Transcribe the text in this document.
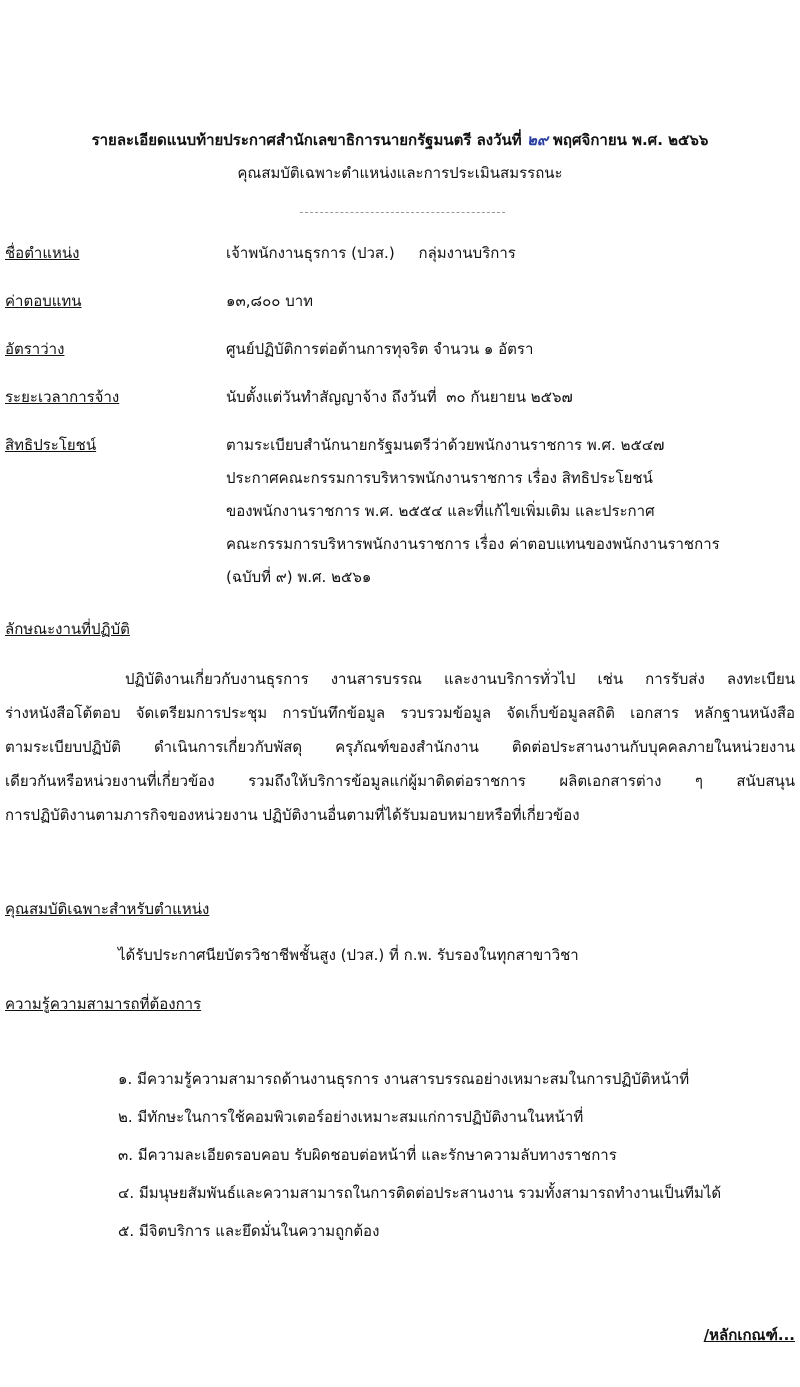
รายละเอียดแนบท้ายประกาศสำนักเลขาธิการนายกรัฐมนตรี ลงวันที่ ๒๙ พฤศจิกายน พ.ศ. ๒๕๖๖
คุณสมบัติเฉพาะตำแหน่งและการประเมินสมรรถนะ
ชื่อตำแหน่ง	เจ้าพนักงานธุรการ (ปวส.)     กลุ่มงานบริการ
ค่าตอบแทน	๑๓,๘๐๐ บาท
อัตราว่าง	ศูนย์ปฏิบัติการต่อต้านการทุจริต จำนวน ๑ อัตรา
ระยะเวลาการจ้าง	นับตั้งแต่วันทำสัญญาจ้าง ถึงวันที่  ๓๐ กันยายน ๒๕๖๗
สิทธิประโยชน์	ตามระเบียบสำนักนายกรัฐมนตรีว่าด้วยพนักงานราชการ พ.ศ. ๒๕๔๗
ประกาศคณะกรรมการบริหารพนักงานราชการ เรื่อง สิทธิประโยชน์
ของพนักงานราชการ พ.ศ. ๒๕๕๔ และที่แก้ไขเพิ่มเติม และประกาศ
คณะกรรมการบริหารพนักงานราชการ เรื่อง ค่าตอบแทนของพนักงานราชการ
(ฉบับที่ ๙) พ.ศ. ๒๕๖๑
ลักษณะงานที่ปฏิบัติ
ปฏิบัติงานเกี่ยวกับงานธุรการ งานสารบรรณ และงานบริการทั่วไป เช่น การรับส่ง ลงทะเบียน
ร่างหนังสือโต้ตอบ จัดเตรียมการประชุม การบันทึกข้อมูล รวบรวมข้อมูล จัดเก็บข้อมูลสถิติ เอกสาร หลักฐานหนังสือ
ตามระเบียบปฏิบัติ ดำเนินการเกี่ยวกับพัสดุ ครุภัณฑ์ของสำนักงาน ติดต่อประสานงานกับบุคคลภายในหน่วยงาน
เดียวกันหรือหน่วยงานที่เกี่ยวข้อง รวมถึงให้บริการข้อมูลแก่ผู้มาติดต่อราชการ ผลิตเอกสารต่าง ๆ สนับสนุน
การปฏิบัติงานตามภารกิจของหน่วยงาน ปฏิบัติงานอื่นตามที่ได้รับมอบหมายหรือที่เกี่ยวข้อง
คุณสมบัติเฉพาะสำหรับตำแหน่ง
ได้รับประกาศนียบัตรวิชาชีพชั้นสูง (ปวส.) ที่ ก.พ. รับรองในทุกสาขาวิชา
ความรู้ความสามารถที่ต้องการ
๑. มีความรู้ความสามารถด้านงานธุรการ งานสารบรรณอย่างเหมาะสมในการปฏิบัติหน้าที่
๒. มีทักษะในการใช้คอมพิวเตอร์อย่างเหมาะสมแก่การปฏิบัติงานในหน้าที่
๓. มีความละเอียดรอบคอบ รับผิดชอบต่อหน้าที่ และรักษาความลับทางราชการ
๔. มีมนุษยสัมพันธ์และความสามารถในการติดต่อประสานงาน รวมทั้งสามารถทำงานเป็นทีมได้
๕. มีจิตบริการ และยึดมั่นในความถูกต้อง
/หลักเกณฑ์...
